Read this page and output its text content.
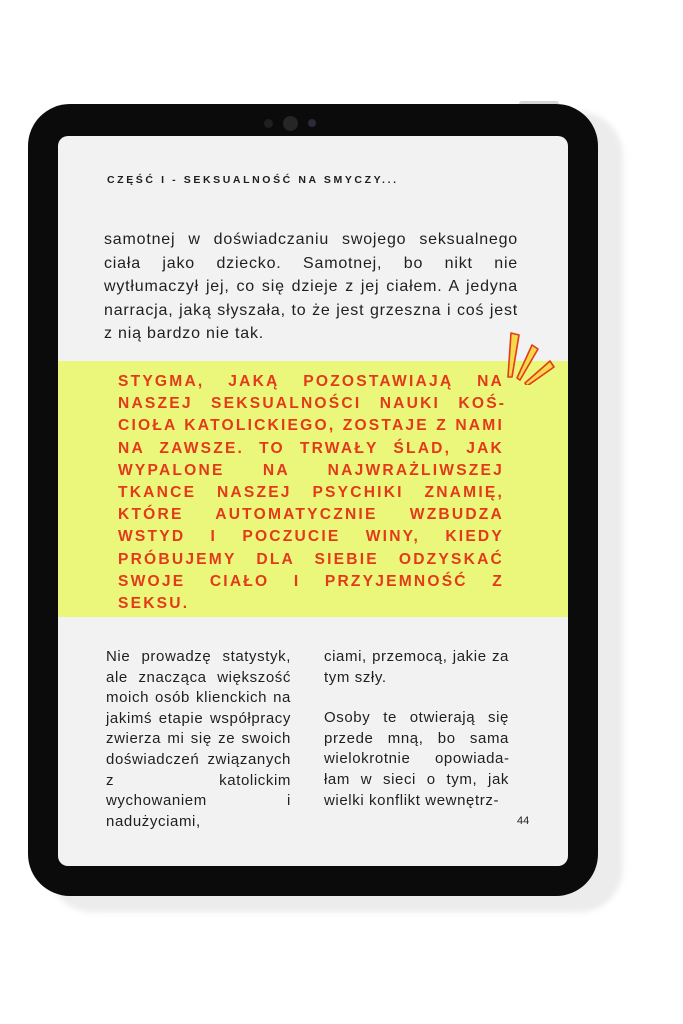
CZĘŚĆ I - SEKSUALNOŚĆ NA SMYCZY...

samotnej w doświadczaniu swojego seksualnego ciała jako dziecko. Samotnej, bo nikt nie wytłumaczył jej, co się dzieje z jej ciałem. A jedyna narracja, jaką słyszała, to że jest grzeszna i coś jest z nią bardzo nie tak.

STYGMA, JAKĄ POZOSTAWIAJĄ NA NASZEJ SEKSUALNOŚCI NAUKI KOŚCIOŁA KATOLICKIEGO, ZOSTAJE Z NAMI NA ZAWSZE. TO TRWAŁY ŚLAD, JAK WYPALONE NA NAJWRAŻLIWSZEJ TKANCE NASZEJ PSYCHIKI ZNAMIĘ, KTÓRE AUTOMATYCZNIE WZBUDZA WSTYD I POCZUCIE WINY, KIEDY PRÓBUJEMY DLA SIEBIE ODZYSKAĆ SWOJE CIAŁO I PRZYJEMNOŚĆ Z SEKSU.

Nie prowadzę statystyk, ale znacząca większość moich osób klienckich na jakimś etapie współpracy zwierza mi się ze swoich doświadczeń związanych z katolickim wychowaniem i nadużyciami,

ciami, przemocą, jakie za tym szły.

Osoby te otwierają się przede mną, bo sama wielokrotnie opowiadałam w sieci o tym, jak wielki konflikt wewnętrz-

44
